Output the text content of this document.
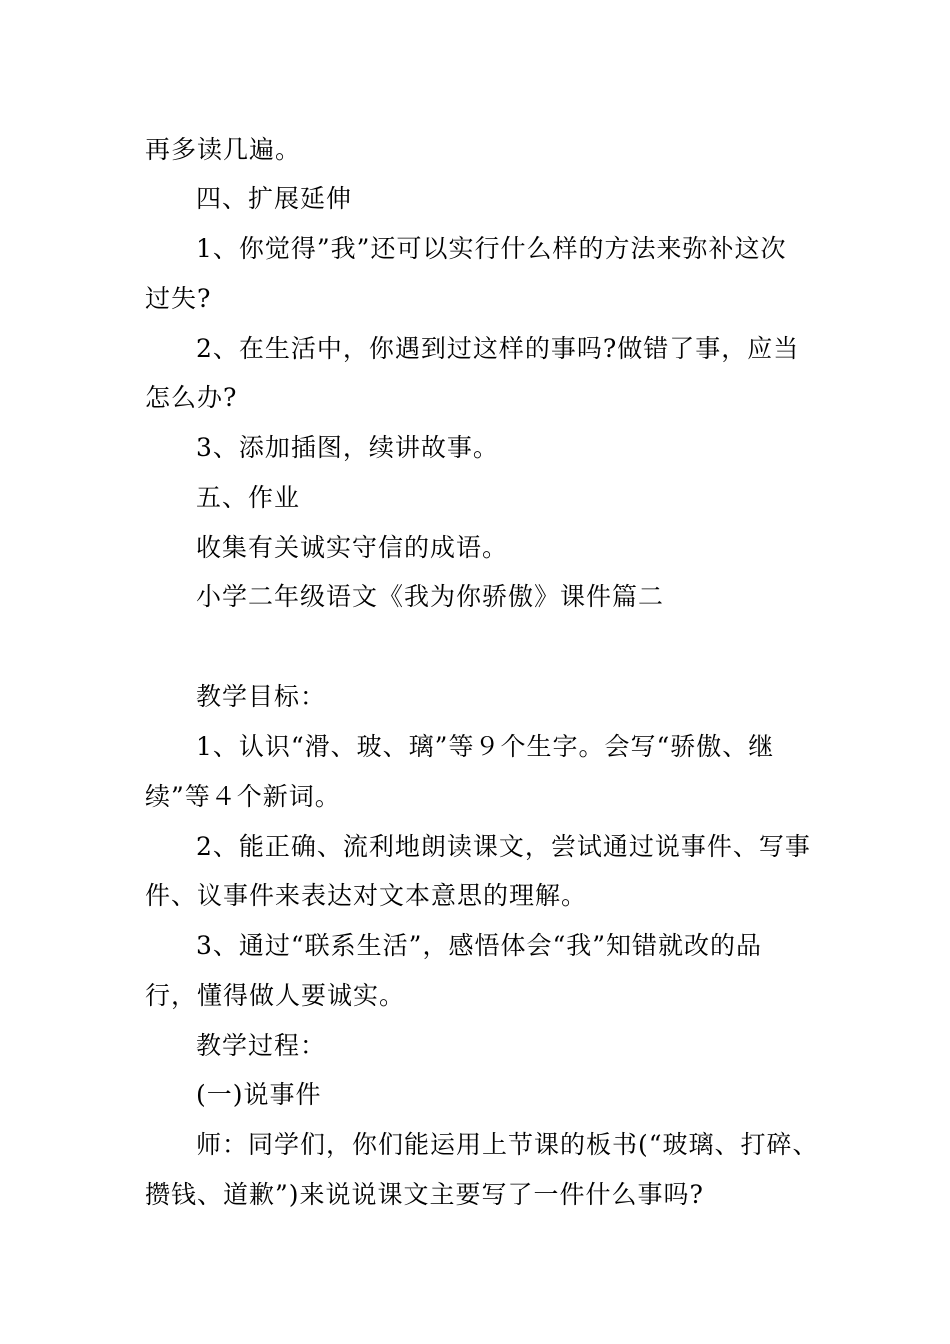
再多读几遍。
四、扩展延伸
1、你觉得”我”还可以实行什么样的方法来弥补这次
过失?
2、在生活中，你遇到过这样的事吗?做错了事，应当
怎么办?
3、添加插图，续讲故事。
五、作业
收集有关诚实守信的成语。
小学二年级语文《我为你骄傲》课件篇二
教学目标：
1、认识“滑、玻、璃”等９个生字。会写“骄傲、继
续”等４个新词。
2、能正确、流利地朗读课文，尝试通过说事件、写事
件、议事件来表达对文本意思的理解。
3、通过“联系生活”，感悟体会“我”知错就改的品
行，懂得做人要诚实。
教学过程：
(一)说事件
师：同学们，你们能运用上节课的板书(“玻璃、打碎、
攒钱、道歉”)来说说课文主要写了一件什么事吗?
